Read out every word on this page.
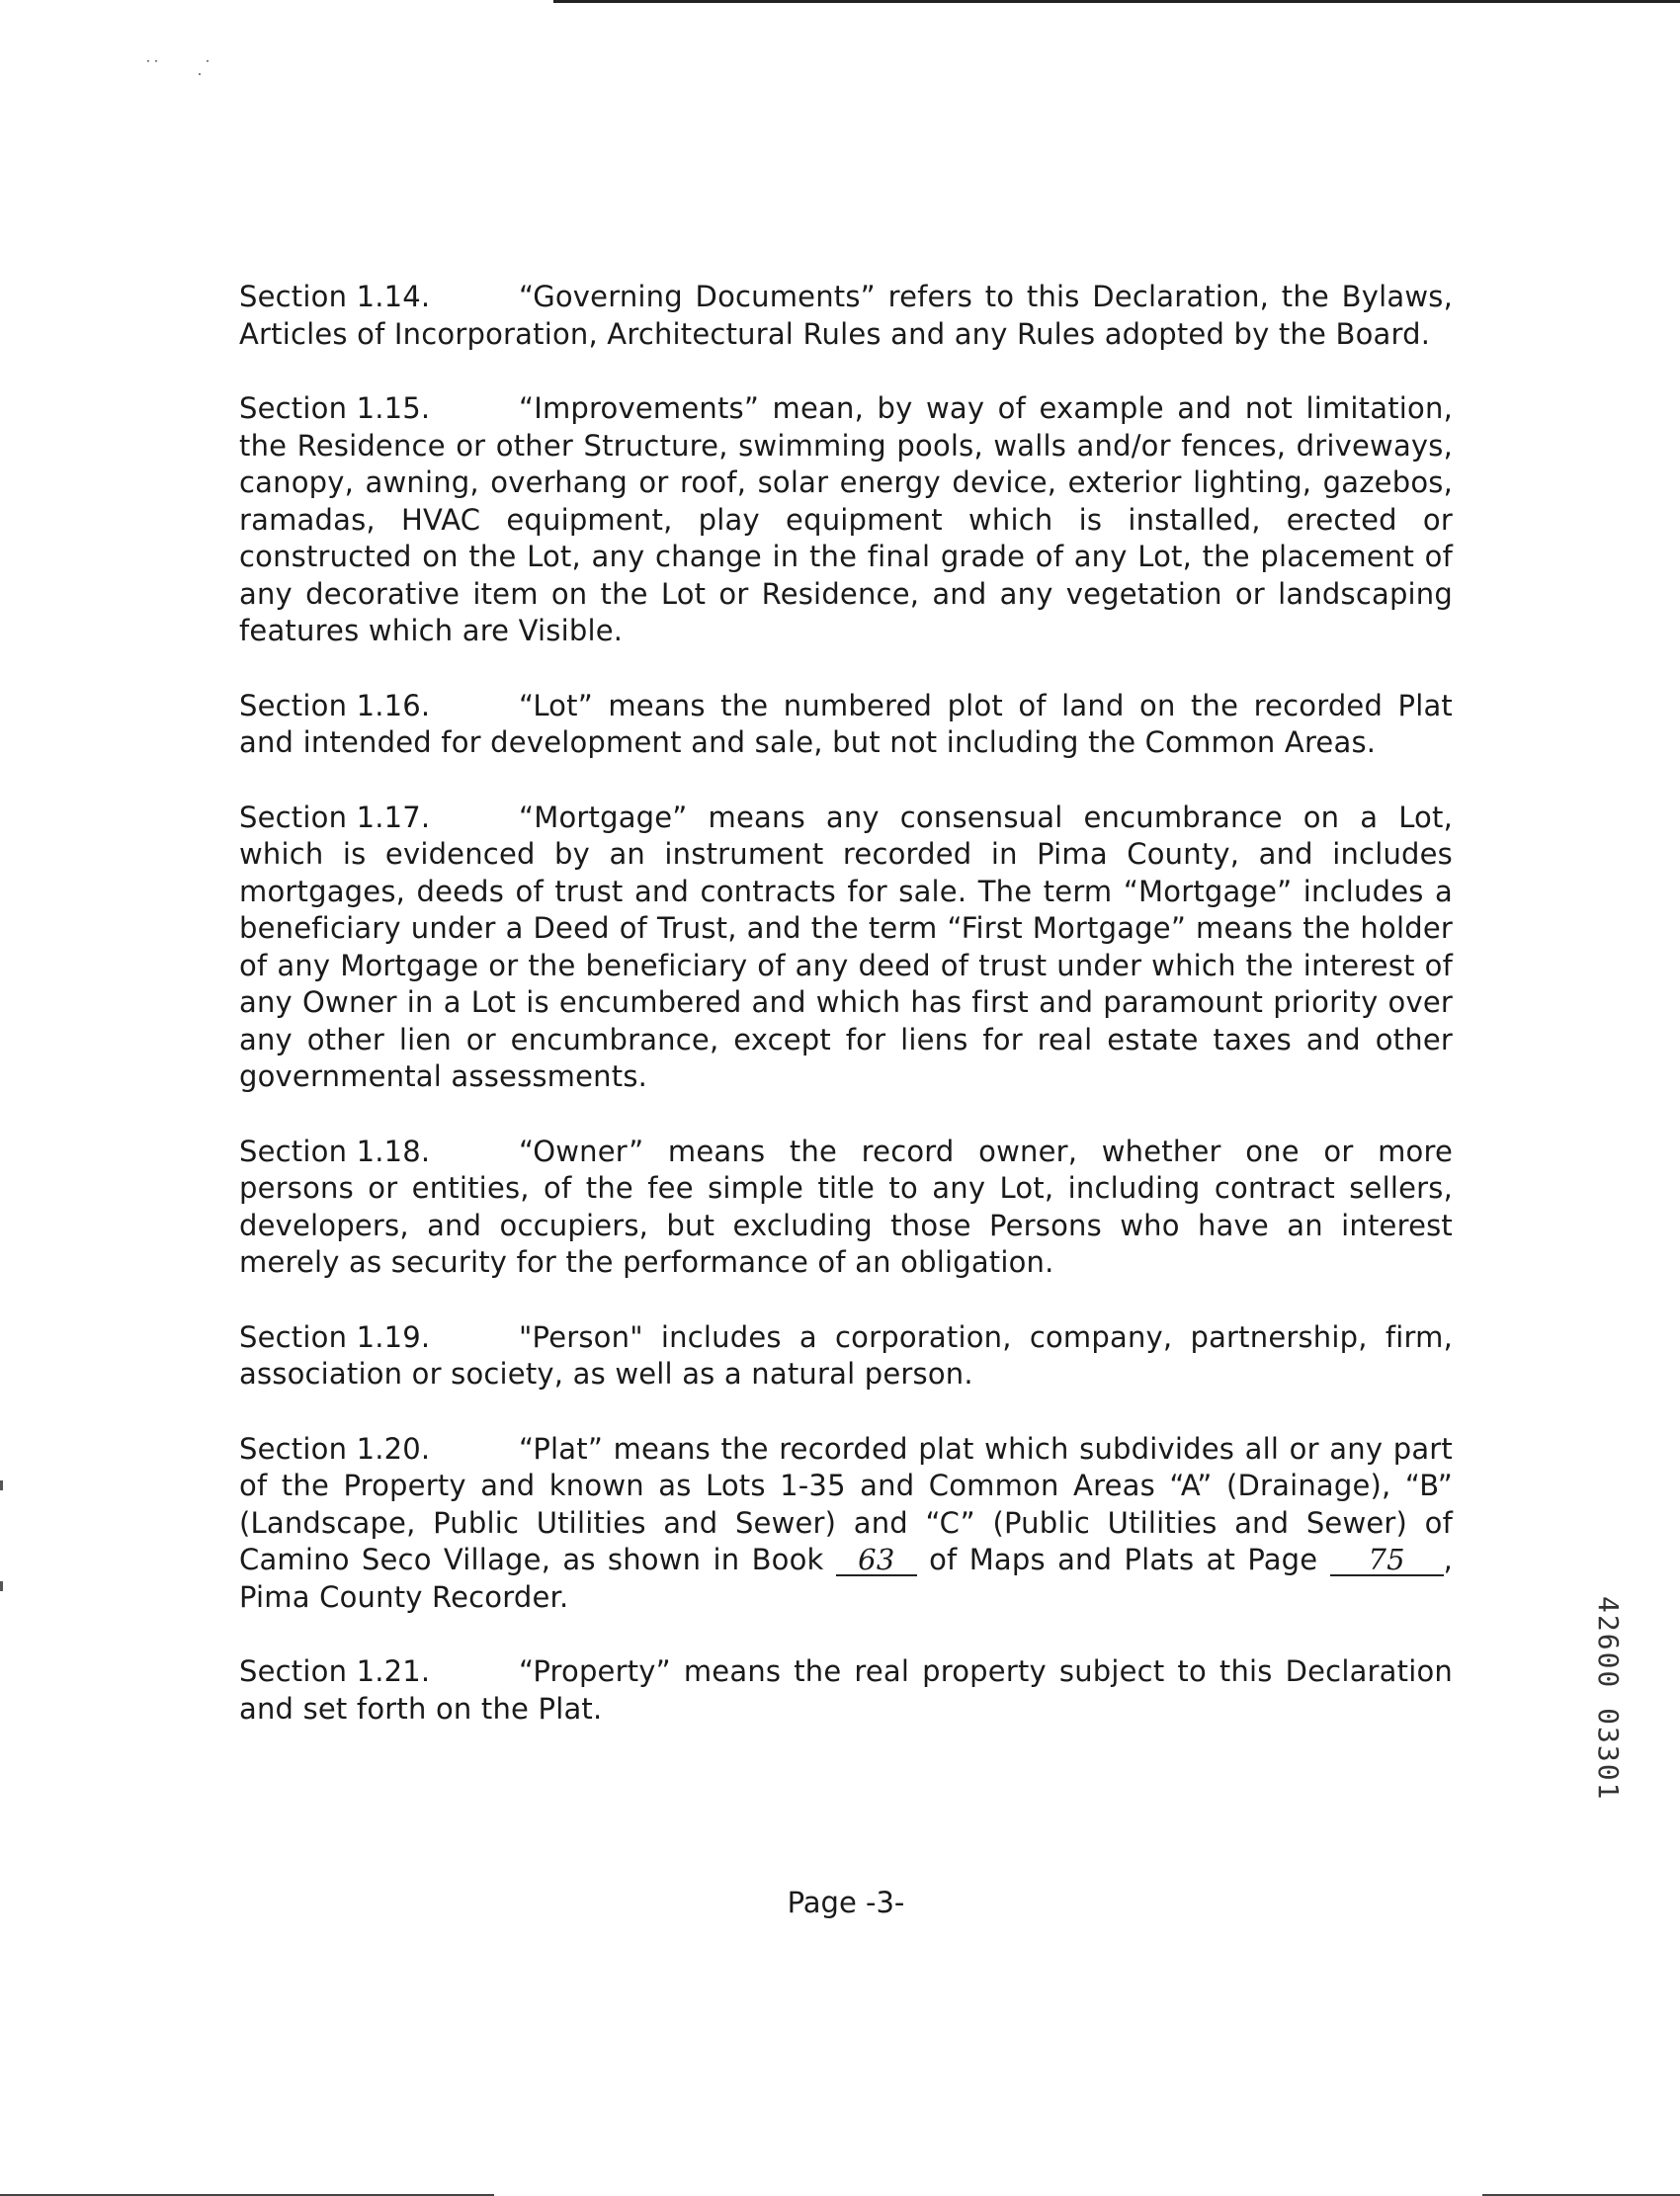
˙˙	̣˙

Section 1.14.	“Governing Documents” refers to this Declaration, the Bylaws, Articles of Incorporation, Architectural Rules and any Rules adopted by the Board.

Section 1.15.	“Improvements” mean, by way of example and not limitation, the Residence or other Structure, swimming pools, walls and/or fences, driveways, canopy, awning, overhang or roof, solar energy device, exterior lighting, gazebos, ramadas, HVAC equipment, play equipment which is installed, erected or constructed on the Lot, any change in the final grade of any Lot, the placement of any decorative item on the Lot or Residence, and any vegetation or landscaping features which are Visible.

Section 1.16.	“Lot” means the numbered plot of land on the recorded Plat and intended for development and sale, but not including the Common Areas.

Section 1.17.	“Mortgage” means any consensual encumbrance on a Lot, which is evidenced by an instrument recorded in Pima County, and includes mortgages, deeds of trust and contracts for sale. The term “Mortgage” includes a beneficiary under a Deed of Trust, and the term “First Mortgage” means the holder of any Mortgage or the beneficiary of any deed of trust under which the interest of any Owner in a Lot is encumbered and which has first and paramount priority over any other lien or encumbrance, except for liens for real estate taxes and other governmental assessments.

Section 1.18.	“Owner” means the record owner, whether one or more persons or entities, of the fee simple title to any Lot, including contract sellers, developers, and occupiers, but excluding those Persons who have an interest merely as security for the performance of an obligation.

Section 1.19.	"Person" includes a corporation, company, partnership, firm, association or society, as well as a natural person.

Section 1.20.	“Plat” means the recorded plat which subdivides all or any part of the Property and known as Lots 1-35 and Common Areas “A” (Drainage), “B” (Landscape, Public Utilities and Sewer) and “C” (Public Utilities and Sewer) of Camino Seco Village, as shown in Book 63 of Maps and Plats at Page 75 , Pima County Recorder.

Section 1.21.	“Property” means the real property subject to this Declaration and set forth on the Plat.

Page -3-
42600 03301
